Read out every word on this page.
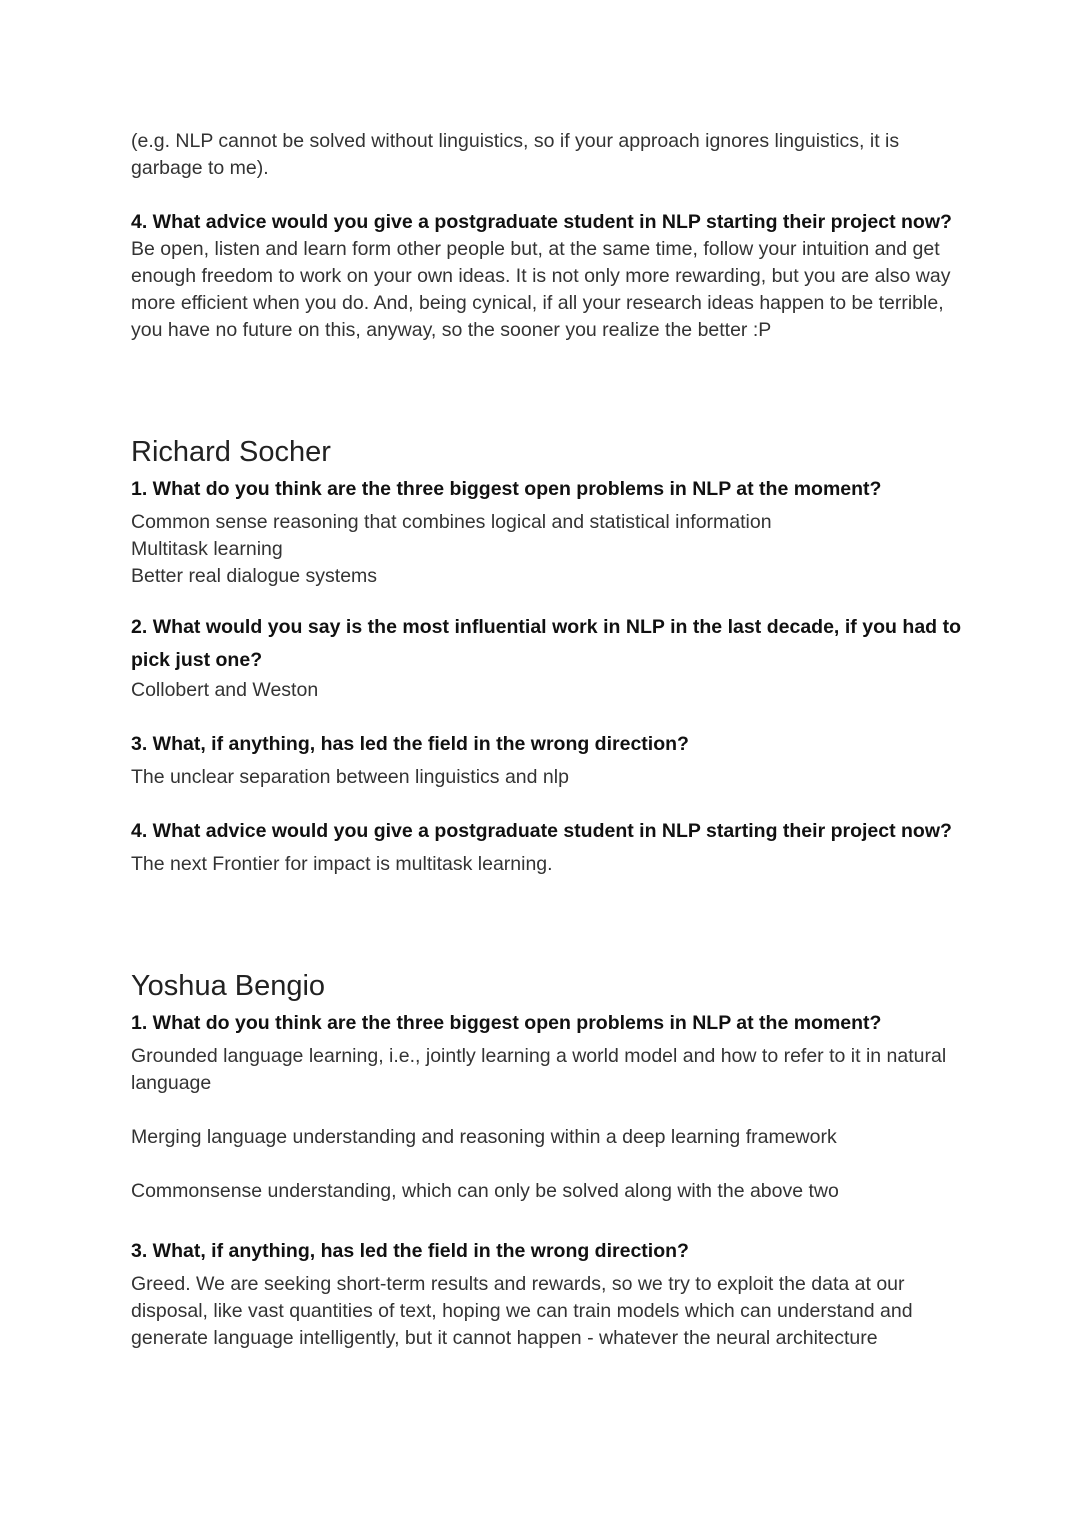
(e.g. NLP cannot be solved without linguistics, so if your approach ignores linguistics, it is garbage to me).

4. What advice would you give a postgraduate student in NLP starting their project now?

Be open, listen and learn form other people but, at the same time, follow your intuition and get enough freedom to work on your own ideas. It is not only more rewarding, but you are also way more efficient when you do. And, being cynical, if all your research ideas happen to be terrible, you have no future on this, anyway, so the sooner you realize the better :P

Richard Socher

1. What do you think are the three biggest open problems in NLP at the moment?

Common sense reasoning that combines logical and statistical information

Multitask learning

Better real dialogue systems

2. What would you say is the most influential work in NLP in the last decade, if you had to pick just one?

Collobert and Weston

3. What, if anything, has led the field in the wrong direction?

The unclear separation between linguistics and nlp

4. What advice would you give a postgraduate student in NLP starting their project now?

The next Frontier for impact is multitask learning.

Yoshua Bengio

1. What do you think are the three biggest open problems in NLP at the moment?

Grounded language learning, i.e., jointly learning a world model and how to refer to it in natural language

Merging language understanding and reasoning within a deep learning framework

Commonsense understanding, which can only be solved along with the above two

3. What, if anything, has led the field in the wrong direction?

Greed. We are seeking short-term results and rewards, so we try to exploit the data at our disposal, like vast quantities of text, hoping we can train models which can understand and generate language intelligently, but it cannot happen - whatever the neural architecture
